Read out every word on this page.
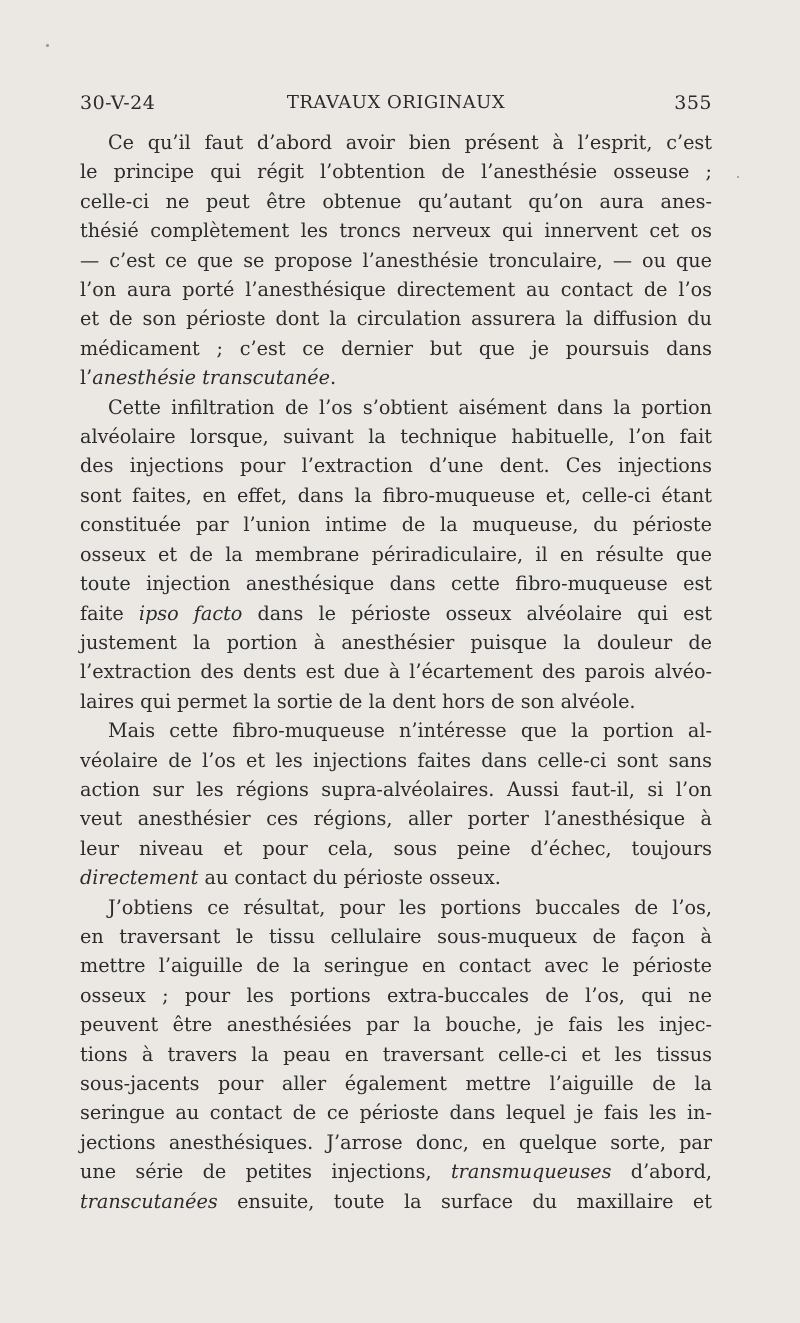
30-V-24	TRAVAUX ORIGINAUX	355
Ce qu’il faut d’abord avoir bien présent à l’esprit, c’est
le principe qui régit l’obtention de l’anesthésie osseuse ;
celle-ci ne peut être obtenue qu’autant qu’on aura anes-
thésié complètement les troncs nerveux qui innervent cet os
— c’est ce que se propose l’anesthésie tronculaire, — ou que
l’on aura porté l’anesthésique directement au contact de l’os
et de son périoste dont la circulation assurera la diffusion du
médicament ; c’est ce dernier but que je poursuis dans
l’anesthésie transcutanée.
Cette infiltration de l’os s’obtient aisément dans la portion
alvéolaire lorsque, suivant la technique habituelle, l’on fait
des injections pour l’extraction d’une dent. Ces injections
sont faites, en effet, dans la fibro-muqueuse et, celle-ci étant
constituée par l’union intime de la muqueuse, du périoste
osseux et de la membrane périradiculaire, il en résulte que
toute injection anesthésique dans cette fibro-muqueuse est
faite ipso facto dans le périoste osseux alvéolaire qui est
justement la portion à anesthésier puisque la douleur de
l’extraction des dents est due à l’écartement des parois alvéo-
laires qui permet la sortie de la dent hors de son alvéole.
Mais cette fibro-muqueuse n’intéresse que la portion al-
véolaire de l’os et les injections faites dans celle-ci sont sans
action sur les régions supra-alvéolaires. Aussi faut-il, si l’on
veut anesthésier ces régions, aller porter l’anesthésique à
leur niveau et pour cela, sous peine d’échec, toujours
directement au contact du périoste osseux.
J’obtiens ce résultat, pour les portions buccales de l’os,
en traversant le tissu cellulaire sous-muqueux de façon à
mettre l’aiguille de la seringue en contact avec le périoste
osseux ; pour les portions extra-buccales de l’os, qui ne
peuvent être anesthésiées par la bouche, je fais les injec-
tions à travers la peau en traversant celle-ci et les tissus
sous-jacents pour aller également mettre l’aiguille de la
seringue au contact de ce périoste dans lequel je fais les in-
jections anesthésiques. J’arrose donc, en quelque sorte, par
une série de petites injections, transmuqueuses d’abord,
transcutanées ensuite, toute la surface du maxillaire et
